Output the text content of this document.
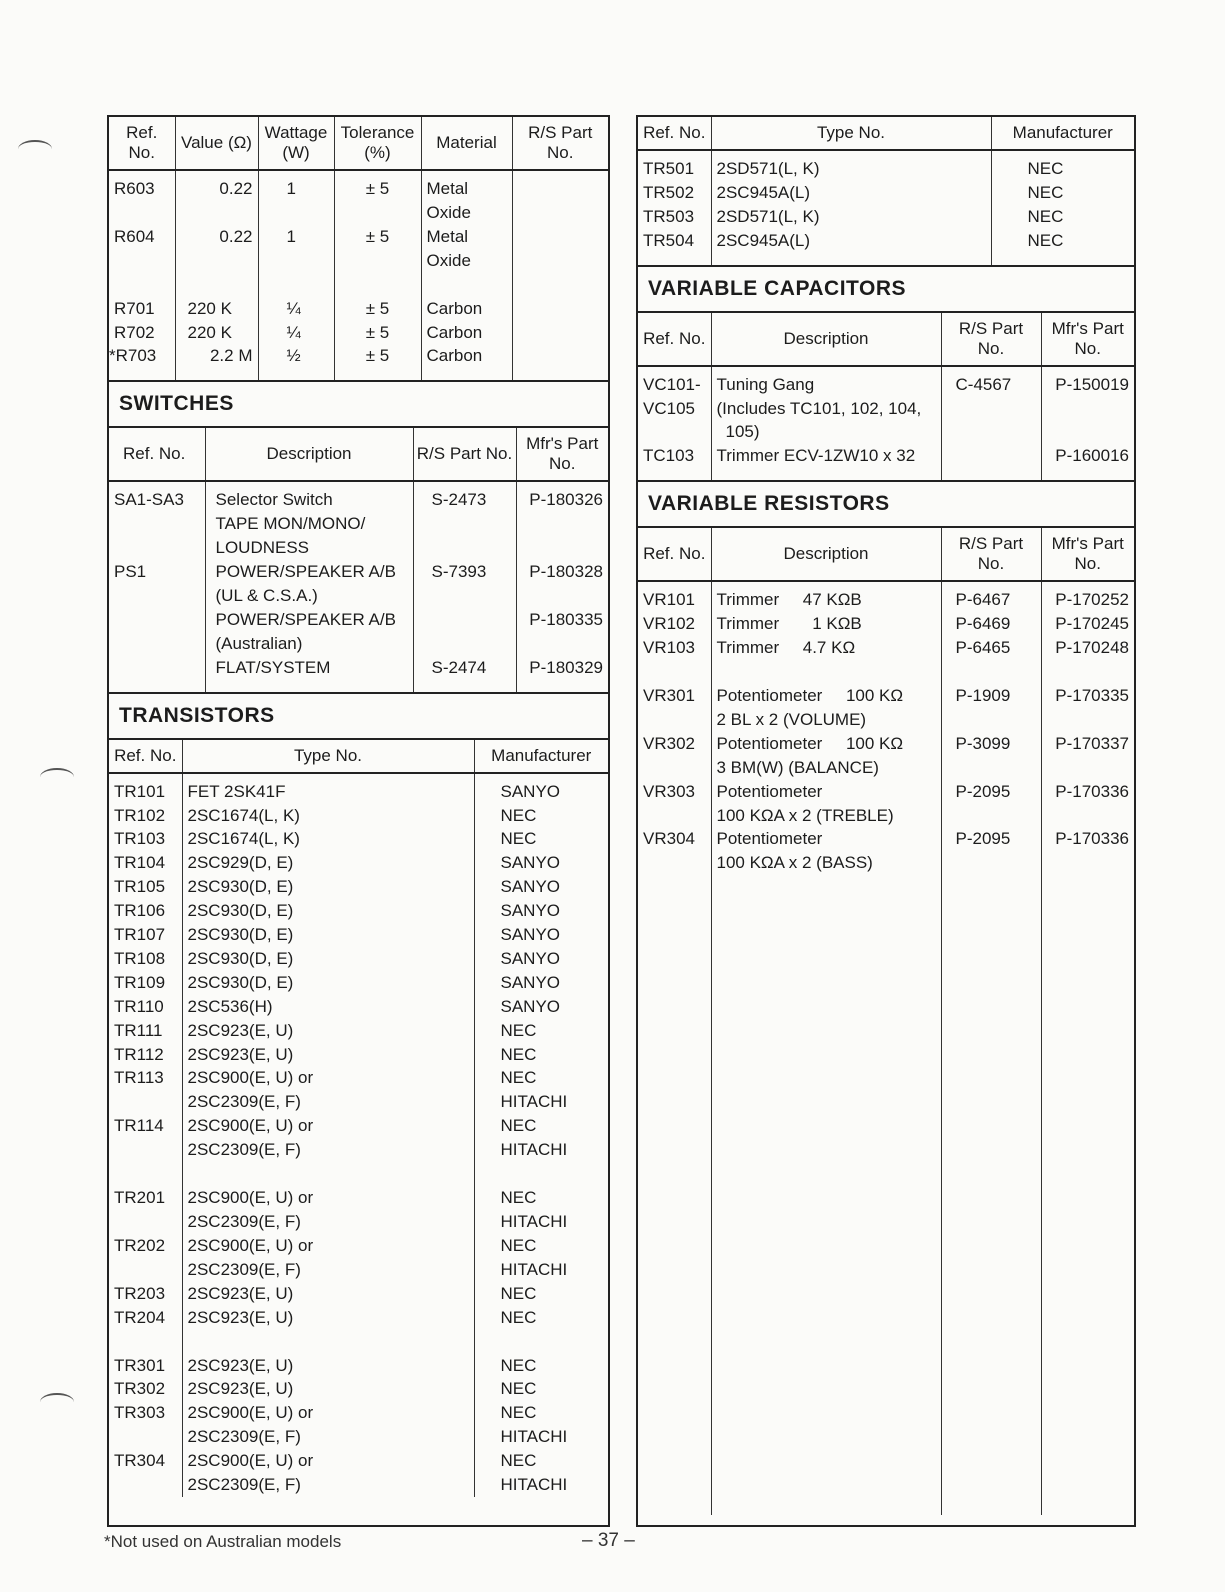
Ref. No.	Value (Ω)	Wattage (W)	Tolerance (%)	Material	R/S Part No.
R603	0.22	1	± 5	Metal	
				Oxide	
R604	0.22	1	± 5	Metal	
				Oxide	
R701	220 K	¼	± 5	Carbon	
R702	220 K	¼	± 5	Carbon	
*R703	2.2 M	½	± 5	Carbon	
SWITCHES
Ref. No.	Description	R/S Part No.	Mfr's Part No.
SA1-SA3	Selector Switch	S-2473	P-180326
	TAPE MON/MONO/		
	LOUDNESS		
PS1	POWER/SPEAKER A/B	S-7393	P-180328
	(UL & C.S.A.)		
	POWER/SPEAKER A/B		P-180335
	(Australian)		
	FLAT/SYSTEM	S-2474	P-180329
TRANSISTORS
Ref. No.	Type No.	Manufacturer
TR101	FET 2SK41F	SANYO
TR102	2SC1674(L, K)	NEC
TR103	2SC1674(L, K)	NEC
TR104	2SC929(D, E)	SANYO
TR105	2SC930(D, E)	SANYO
TR106	2SC930(D, E)	SANYO
TR107	2SC930(D, E)	SANYO
TR108	2SC930(D, E)	SANYO
TR109	2SC930(D, E)	SANYO
TR110	2SC536(H)	SANYO
TR111	2SC923(E, U)	NEC
TR112	2SC923(E, U)	NEC
TR113	2SC900(E, U) or	NEC
	2SC2309(E, F)	HITACHI
TR114	2SC900(E, U) or	NEC
	2SC2309(E, F)	HITACHI
TR201	2SC900(E, U) or	NEC
	2SC2309(E, F)	HITACHI
TR202	2SC900(E, U) or	NEC
	2SC2309(E, F)	HITACHI
TR203	2SC923(E, U)	NEC
TR204	2SC923(E, U)	NEC
TR301	2SC923(E, U)	NEC
TR302	2SC923(E, U)	NEC
TR303	2SC900(E, U) or	NEC
	2SC2309(E, F)	HITACHI
TR304	2SC900(E, U) or	NEC
	2SC2309(E, F)	HITACHI
Ref. No.	Type No.	Manufacturer
TR501	2SD571(L, K)	NEC
TR502	2SC945A(L)	NEC
TR503	2SD571(L, K)	NEC
TR504	2SC945A(L)	NEC
VARIABLE CAPACITORS
Ref. No.	Description	R/S Part No.	Mfr's Part No.
VC101-	Tuning Gang	C-4567	P-150019
VC105	(Includes TC101, 102, 104,		
	105)		
TC103	Trimmer ECV-1ZW10 x 32		P-160016
VARIABLE RESISTORS
Ref. No.	Description	R/S Part No.	Mfr's Part No.
VR101	Trimmer     47 KΩB	P-6467	P-170252
VR102	Trimmer       1 KΩB	P-6469	P-170245
VR103	Trimmer     4.7 KΩ	P-6465	P-170248
VR301	Potentiometer     100 KΩ	P-1909	P-170335
	2 BL x 2 (VOLUME)		
VR302	Potentiometer     100 KΩ	P-3099	P-170337
	3 BM(W) (BALANCE)		
VR303	Potentiometer	P-2095	P-170336
	100 KΩA x 2 (TREBLE)		
VR304	Potentiometer	P-2095	P-170336
	100 KΩA x 2 (BASS)		

*Not used on Australian models	– 37 –
